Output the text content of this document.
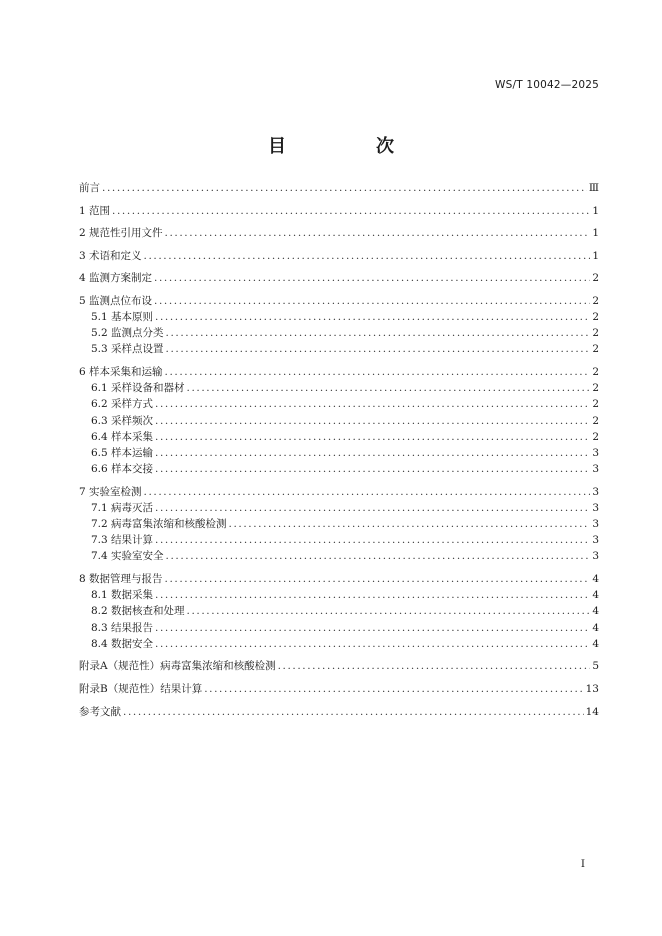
WS/T 10042—2025
目　次
前言 .....	Ⅲ
1 范围 .....	1
2 规范性引用文件 .....	1
3 术语和定义 .....	1
4 监测方案制定 .....	2
5 监测点位布设 .....	2
5.1 基本原则 .....	2
5.2 监测点分类 .....	2
5.3 采样点设置 .....	2
6 样本采集和运输 .....	2
6.1 采样设备和器材 .....	2
6.2 采样方式 .....	2
6.3 采样频次 .....	2
6.4 样本采集 .....	2
6.5 样本运输 .....	3
6.6 样本交接 .....	3
7 实验室检测 .....	3
7.1 病毒灭活 .....	3
7.2 病毒富集浓缩和核酸检测 .....	3
7.3 结果计算 .....	3
7.4 实验室安全 .....	3
8 数据管理与报告 .....	4
8.1 数据采集 .....	4
8.2 数据核查和处理 .....	4
8.3 结果报告 .....	4
8.4 数据安全 .....	4
附录A（规范性）病毒富集浓缩和核酸检测 .....	5
附录B（规范性）结果计算 .....	13
参考文献 .....	14
I
